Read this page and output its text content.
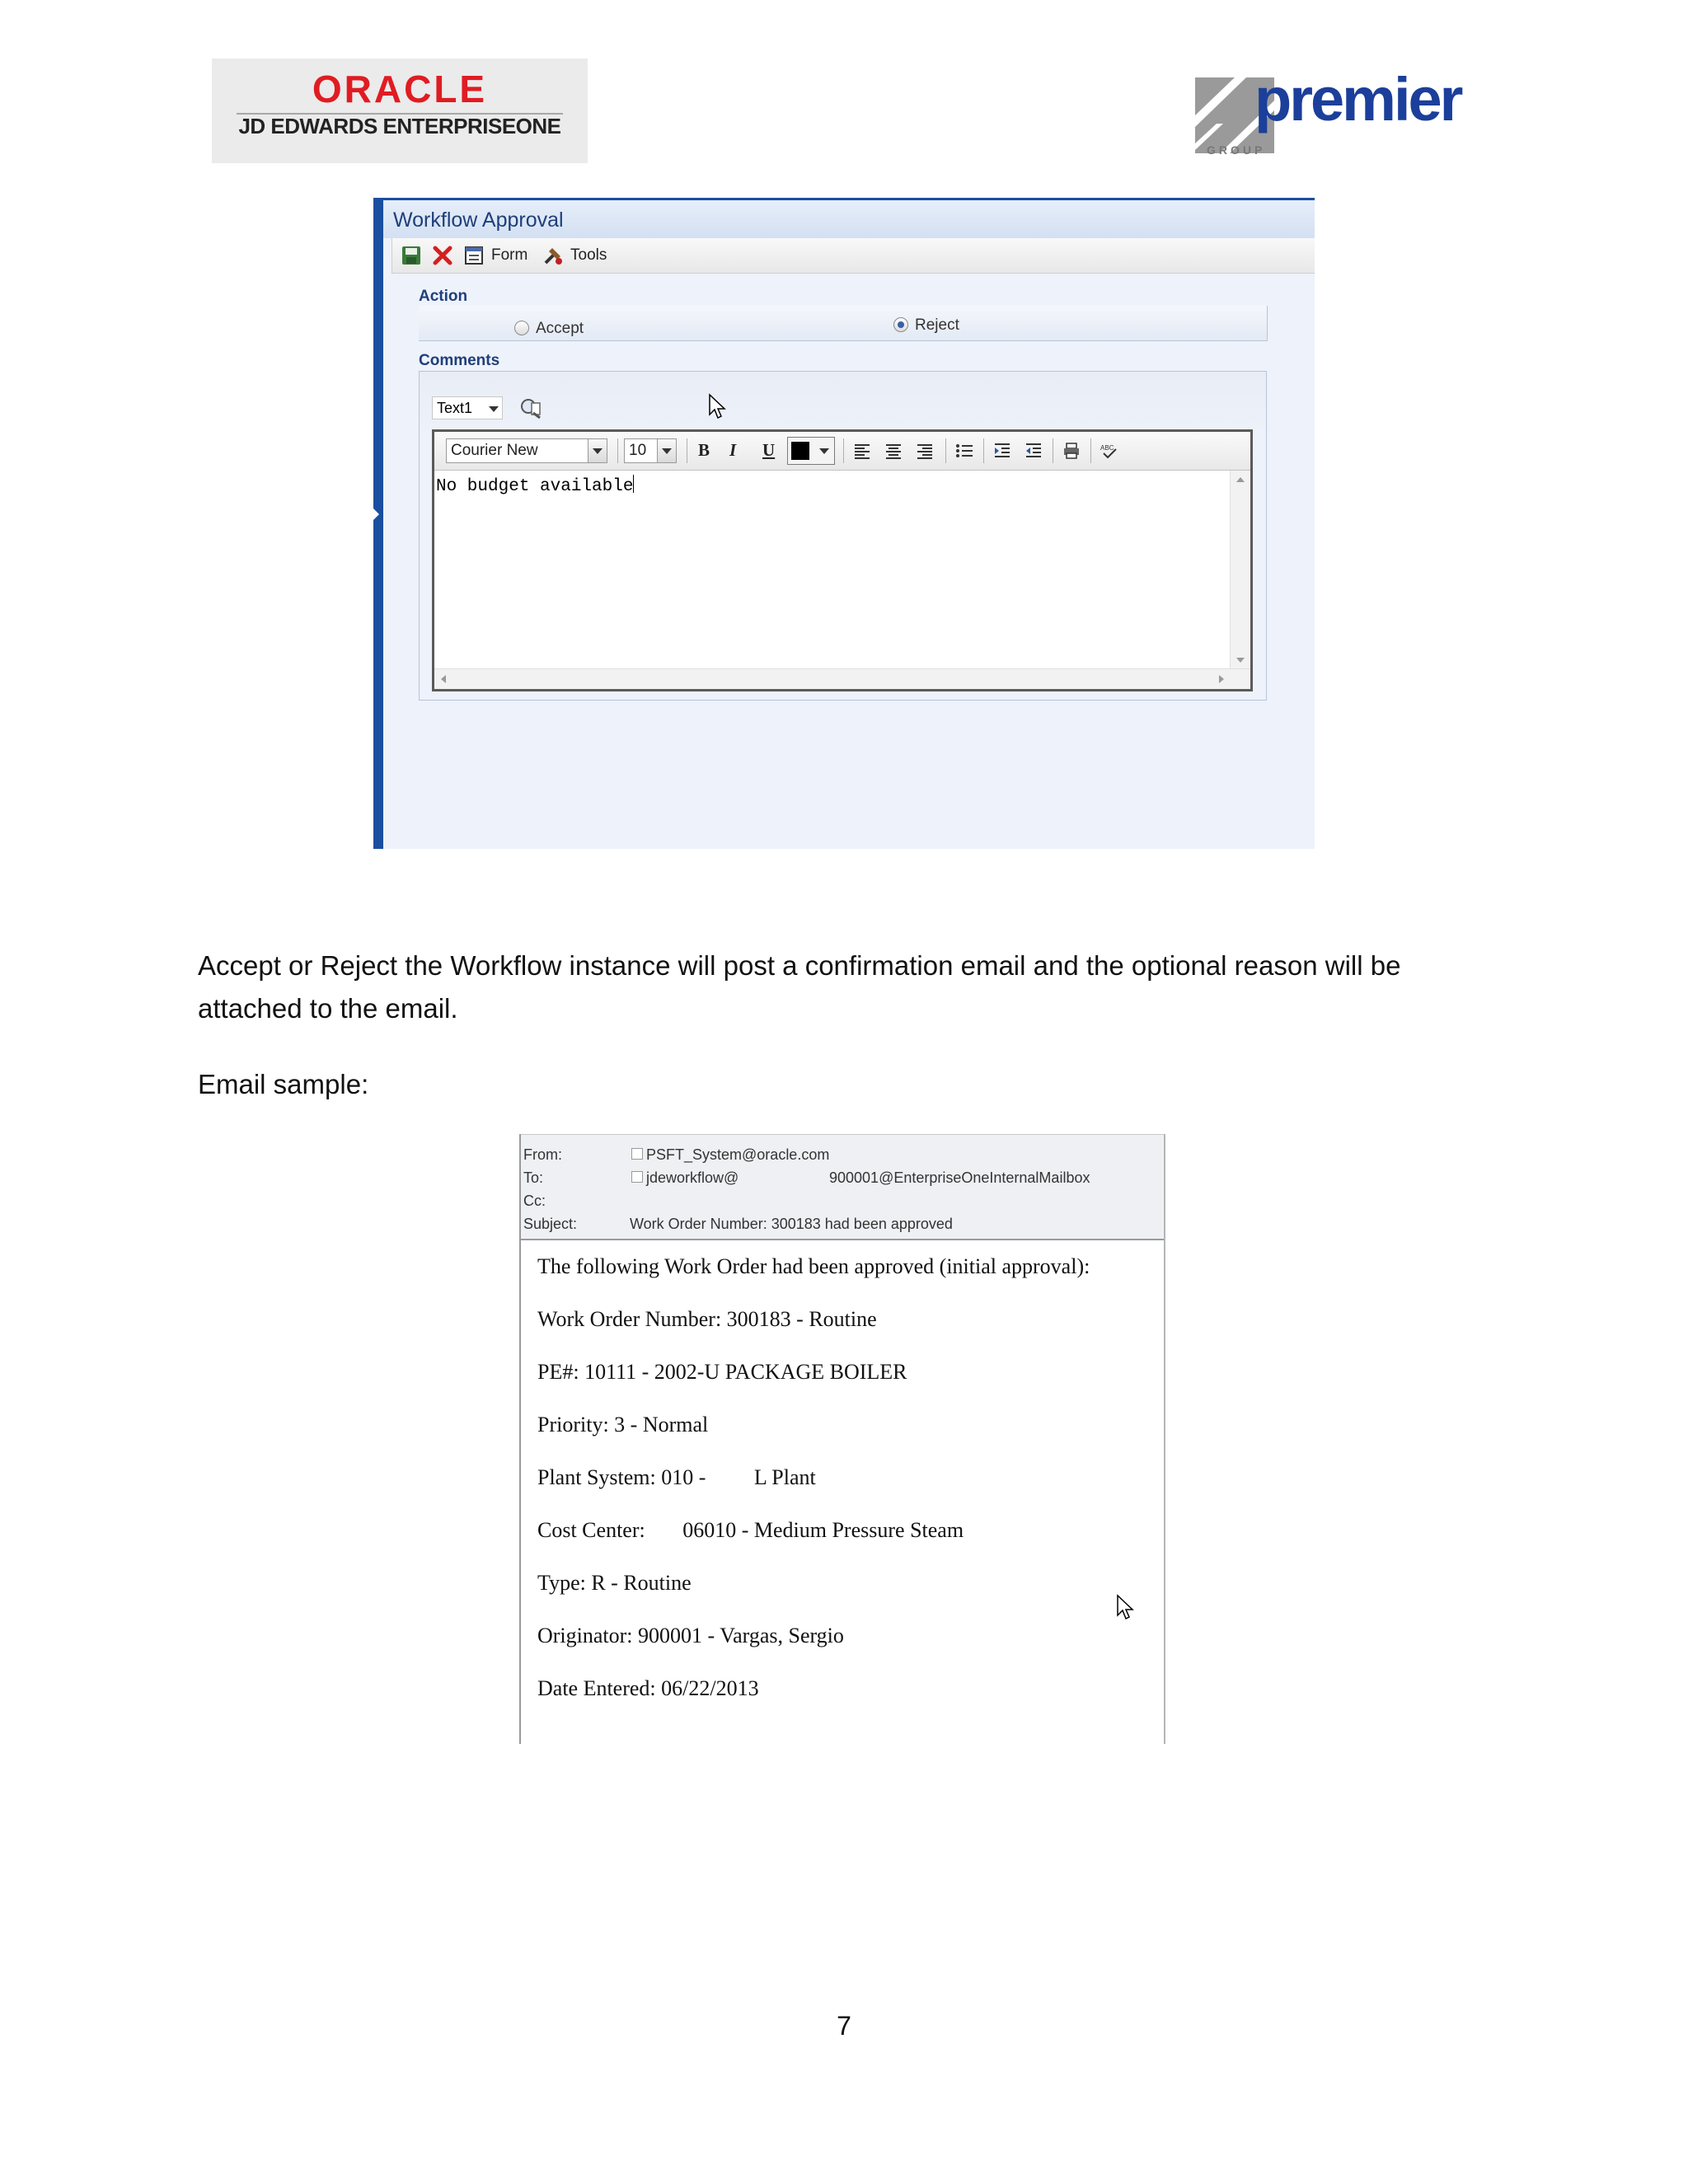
ORACLE
JD EDWARDS ENTERPRISEONE	premier
GROUP
Workflow Approval
Form	Tools
Action
Accept	Reject
Comments
Text1
Courier New	10	B I U	ABC
No budget available
Accept or Reject the Workflow instance will post a confirmation email and the optional reason will be
attached to the email.
Email sample:
From:	PSFT_System@oracle.com
To:	jdeworkflow@	900001@EnterpriseOneInternalMailbox
Cc:
Subject:	Work Order Number: 300183 had been approved
The following Work Order had been approved (initial approval):
Work Order Number: 300183 - Routine
PE#: 10111 - 2002-U PACKAGE BOILER
Priority: 3 - Normal
Plant System: 010 -         L Plant
Cost Center:       06010 - Medium Pressure Steam
Type: R - Routine
Originator: 900001 - Vargas, Sergio
Date Entered: 06/22/2013
7
